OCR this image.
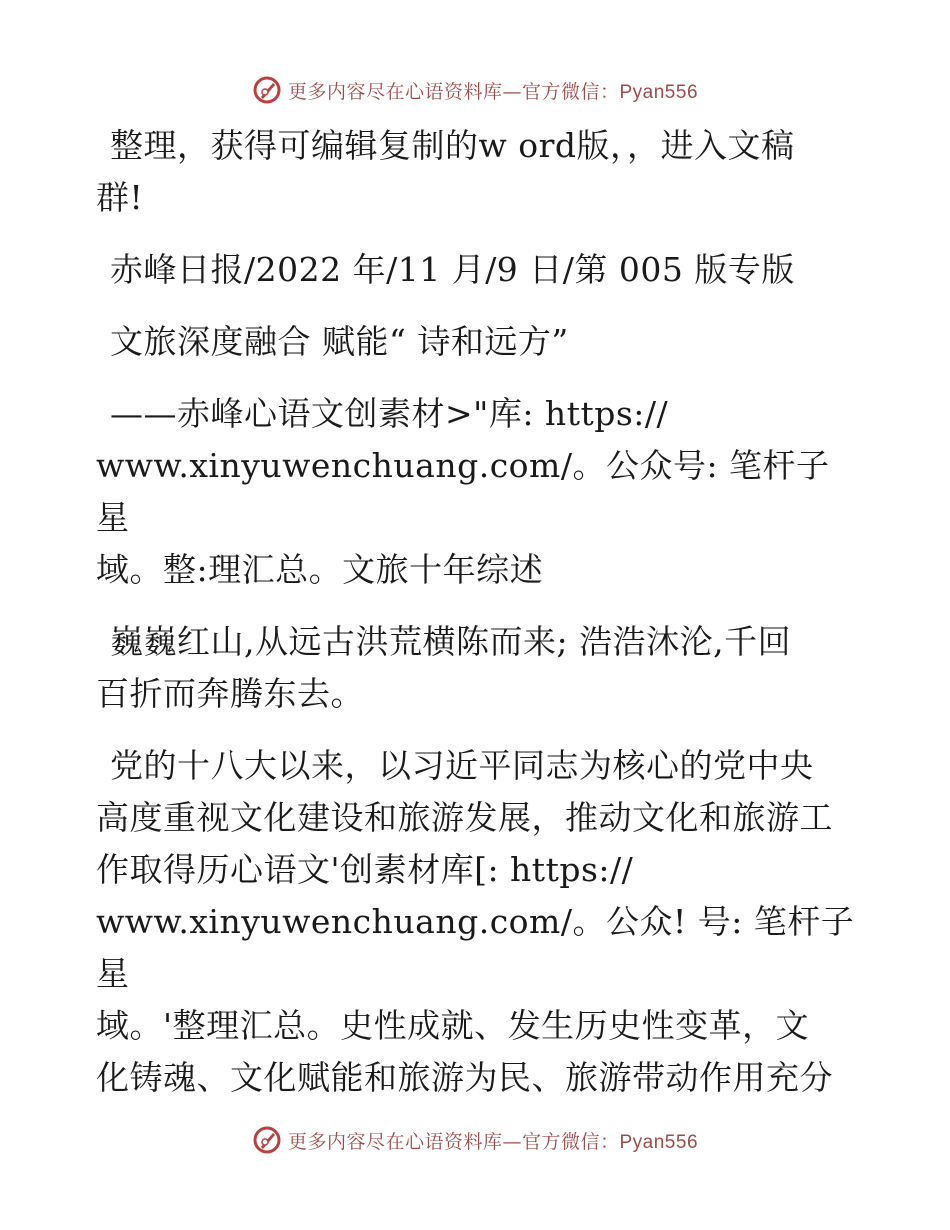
更多内容尽在心语资料库—官方微信：Pyan556

整理，获得可编辑复制的w ord版，，进入文稿
群!

赤峰日报/2022 年/11 月/9 日/第 005 版专版

文旅深度融合 赋能“ 诗和远方”

——赤峰心语文创素材>"库: https://
www.xinyuwenchuang.com/。公众号: 笔杆子星
域。整:理汇总。文旅十年综述

巍巍红山,从远古洪荒横陈而来; 浩浩沐沦,千回
百折而奔腾东去。

党的十八大以来，以习近平同志为核心的党中央
高度重视文化建设和旅游发展，推动文化和旅游工
作取得历心语文'创素材库[: https://
www.xinyuwenchuang.com/。公众! 号: 笔杆子星
域。'整理汇总。史性成就、发生历史性变革，文
化铸魂、文化赋能和旅游为民、旅游带动作用充分

更多内容尽在心语资料库—官方微信：Pyan556
